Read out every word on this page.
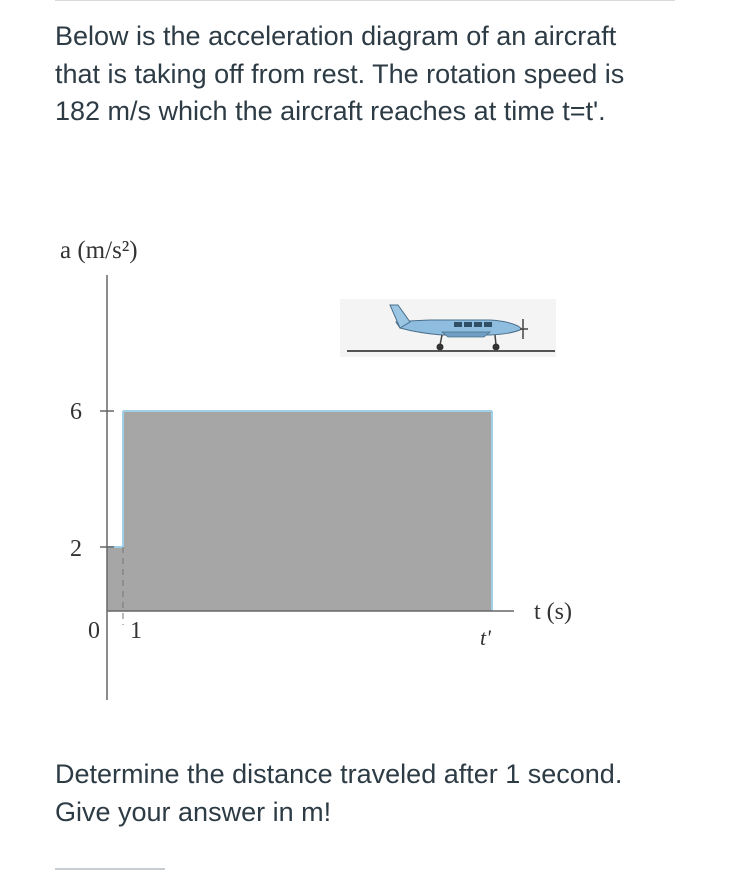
Below is the acceleration diagram of an aircraft that is taking off from rest. The rotation speed is 182 m/s which the aircraft reaches at time t=t'.

a (m/s²)
t (s)
6
2
0 1	t'

Determine the distance traveled after 1 second. Give your answer in m!
